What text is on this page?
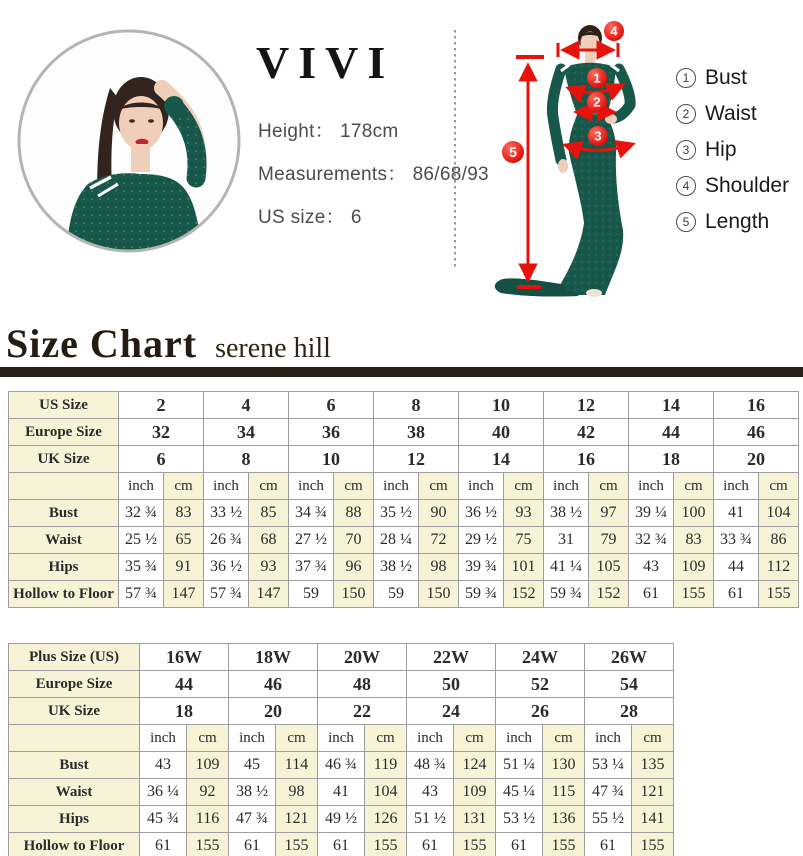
VIVI
Height： 178cm
Measurements： 86/68/93
US size： 6
1
2
3
4
5
1 Bust
2 Waist
3 Hip
4 Shoulder
5 Length
Size Chart serene hill
US Size	2		4		6		8		10		12		14		16	
Europe Size	32		34		36		38		40		42		44		46	
UK Size	6		8		10		12		14		16		18		20	
	inch	cm	inch	cm	inch	cm	inch	cm	inch	cm	inch	cm	inch	cm	inch	cm
Bust	32 ¾	83	33 ½	85	34 ¾	88	35 ½	90	36 ½	93	38 ½	97	39 ¼	100	41	104
Waist	25 ½	65	26 ¾	68	27 ½	70	28 ¼	72	29 ½	75	31	79	32 ¾	83	33 ¾	86
Hips	35 ¾	91	36 ½	93	37 ¾	96	38 ½	98	39 ¾	101	41 ¼	105	43	109	44	112
Hollow to Floor	57 ¾	147	57 ¾	147	59	150	59	150	59 ¾	152	59 ¾	152	61	155	61	155
Plus Size (US)	16W		18W		20W		22W		24W		26W	
Europe Size	44		46		48		50		52		54	
UK Size	18		20		22		24		26		28	
	inch	cm	inch	cm	inch	cm	inch	cm	inch	cm	inch	cm
Bust	43	109	45	114	46 ¾	119	48 ¾	124	51 ¼	130	53 ¼	135
Waist	36 ¼	92	38 ½	98	41	104	43	109	45 ¼	115	47 ¾	121
Hips	45 ¾	116	47 ¾	121	49 ½	126	51 ½	131	53 ½	136	55 ½	141
Hollow to Floor	61	155	61	155	61	155	61	155	61	155	61	155
